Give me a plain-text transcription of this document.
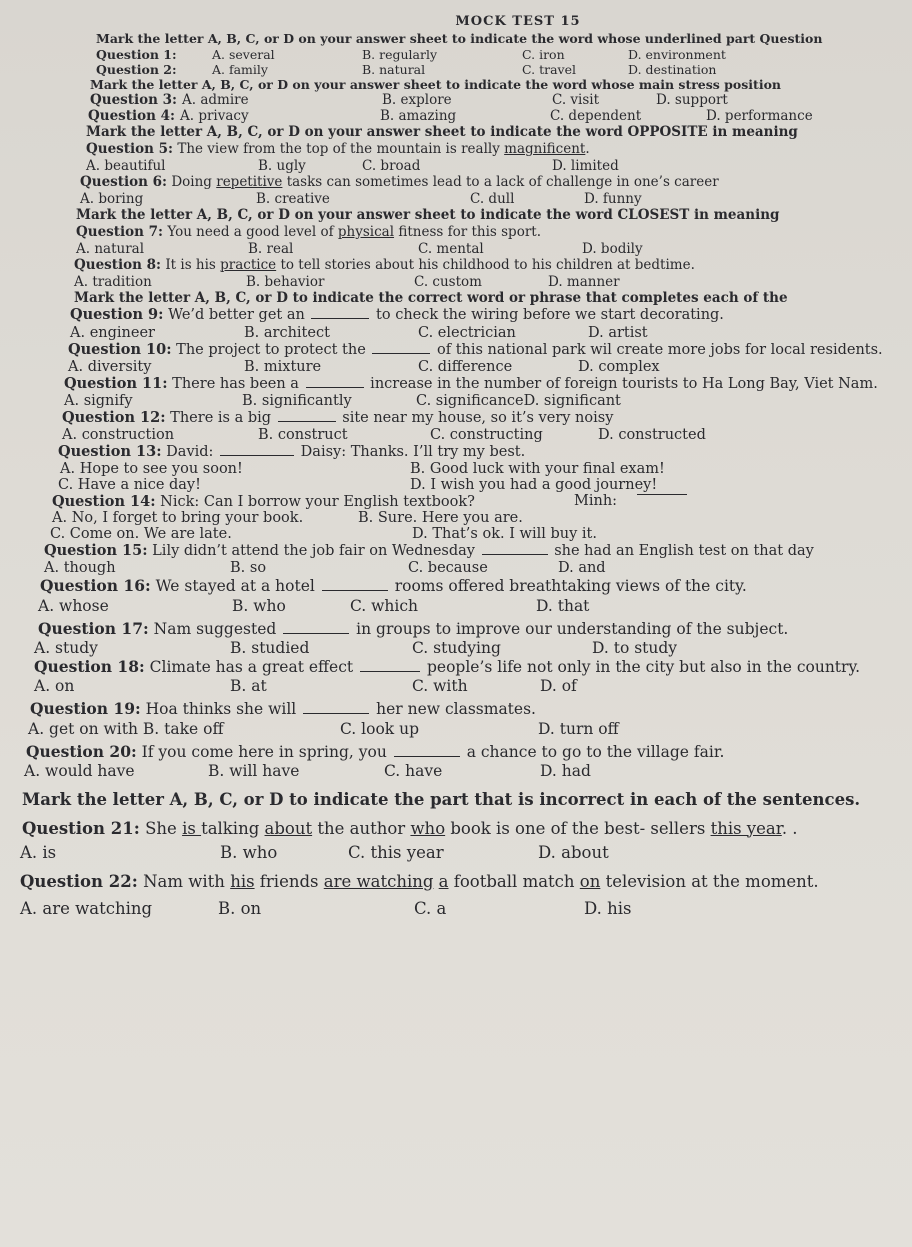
MOCK TEST 15
Mark the letter A, B, C, or D on your answer sheet to indicate the word whose underlined part Question
Question 1:	A. several	B. regularly	C. iron	D. environment
Question 2:	A. family	B. natural	C. travel	D. destination
Mark the letter A, B, C, or D on your answer sheet to indicate the word whose main stress position
Question 3: A. admire	B. explore	C. visit	D. support
Question 4: A. privacy	B. amazing	C. dependent	D. performance
Mark the letter A, B, C, or D on your answer sheet to indicate the word OPPOSITE in meaning
Question 5: The view from the top of the mountain is really magnificent.
A. beautiful	B. ugly	C. broad	D. limited
Question 6: Doing repetitive tasks can sometimes lead to a lack of challenge in one’s career
A. boring	B. creative	C. dull	D. funny
Mark the letter A, B, C, or D on your answer sheet to indicate the word CLOSEST in meaning
Question 7: You need a good level of physical fitness for this sport.
A. natural	B. real	C. mental	D. bodily
Question 8: It is his practice to tell stories about his childhood to his children at bedtime.
A. tradition	B. behavior	C. custom	D. manner
Mark the letter A, B, C, or D to indicate the correct word or phrase that completes each of the
Question 9: We’d better get an	to check the wiring before we start decorating.
A. engineer	B. architect	C. electrician	D. artist
Question 10: The project to protect the	of this national park wil create more jobs for local residents.
A. diversity	B. mixture	C. difference	D. complex
Question 11: There has been a	increase in the number of foreign tourists to Ha Long Bay, Viet Nam.
A. signify	B. significantly	C. significanceD. significant
Question 12: There is a big	site near my house, so it’s very noisy
A. construction	B. construct	C. constructing	D. constructed
Question 13: David:	Daisy: Thanks. I’ll try my best.
A. Hope to see you soon!	B. Good luck with your final exam!
C. Have a nice day!	D. I wish you had a good journey!
Question 14: Nick: Can I borrow your English textbook?	Minh:
A. No, I forget to bring your book.	B. Sure. Here you are.
C. Come on. We are late.	D. That’s ok. I will buy it.
Question 15: Lily didn’t attend the job fair on Wednesday	she had an English test on that day
A. though	B. so	C. because	D. and
Question 16: We stayed at a hotel	rooms offered breathtaking views of the city.
A. whose	B. who	C. which	D. that
Question 17: Nam suggested	in groups to improve our understanding of the subject.
A. study	B. studied	C. studying	D. to study
Question 18: Climate has a great effect	people’s life not only in the city but also in the country.
A. on	B. at	C. with	D. of
Question 19: Hoa thinks she will	her new classmates.
A. get on with B. take off	C. look up	D. turn off
Question 20: If you come here in spring, you	a chance to go to the village fair.
A. would have	B. will have	C. have	D. had
Mark the letter A, B, C, or D to indicate the part that is incorrect in each of the sentences.
Question 21: She is talking about the author who book is one of the best- sellers this year. .
A. is	B. who	C. this year	D. about
Question 22: Nam with his friends are watching a football match on television at the moment.
A. are watching	B. on	C. a	D. his
